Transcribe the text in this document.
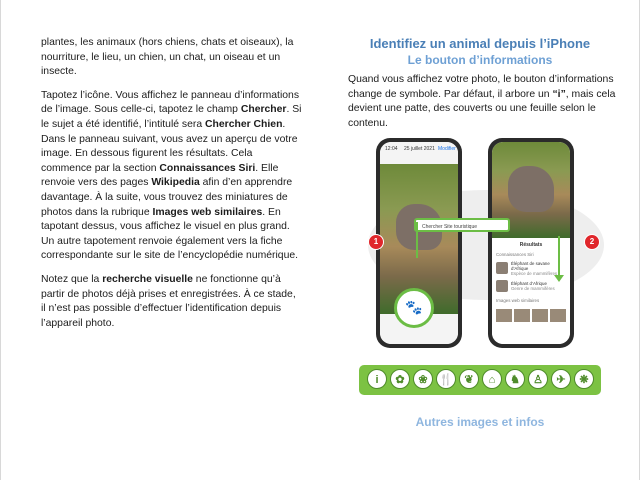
plantes, les animaux (hors chiens, chats et oiseaux), la nourriture, le lieu, un chien, un chat, un oiseau et un insecte.

Tapotez l’icône. Vous affichez le panneau d’informations de l’image. Sous celle-ci, tapotez le champ Chercher. Si le sujet a été identifié, l’intitulé sera Chercher Chien. Dans le panneau suivant, vous avez un aperçu de votre image. En dessous figurent les résultats. Cela commence par la section Connaissances Siri. Elle renvoie vers des pages Wikipedia afin d’en apprendre davantage. À la suite, vous trouvez des miniatures de photos dans la rubrique Images web similaires. En tapotant dessus, vous affichez le visuel en plus grand. Un autre tapotement renvoie également vers la fiche correspondante sur le site de l’encyclopédie numérique.

Notez que la recherche visuelle ne fonctionne qu’à partir de photos déjà prises et enregistrées. À ce stade, il n’est pas possible d’effectuer l’identification depuis l’appareil photo.

Identifiez un animal depuis l’iPhone
Le bouton d’informations
Quand vous affichez votre photo, le bouton d’informations change de symbole. Par défaut, il arbore un “i”, mais cela devient une patte, des couverts ou une feuille selon le contenu.
12:04 25 juillet 2021 Modifier
Résultats
Connaissances Siri
Éléphant de savane d’Afrique
Espèce de mammifères
Éléphant d’Afrique
Genre de mammifères
Images web similaires
Chercher Site touristique
🐾
1	2
i	✿	❀	🍴	❦	⌂	♞	♙	✈	❋
Autres images et infos
